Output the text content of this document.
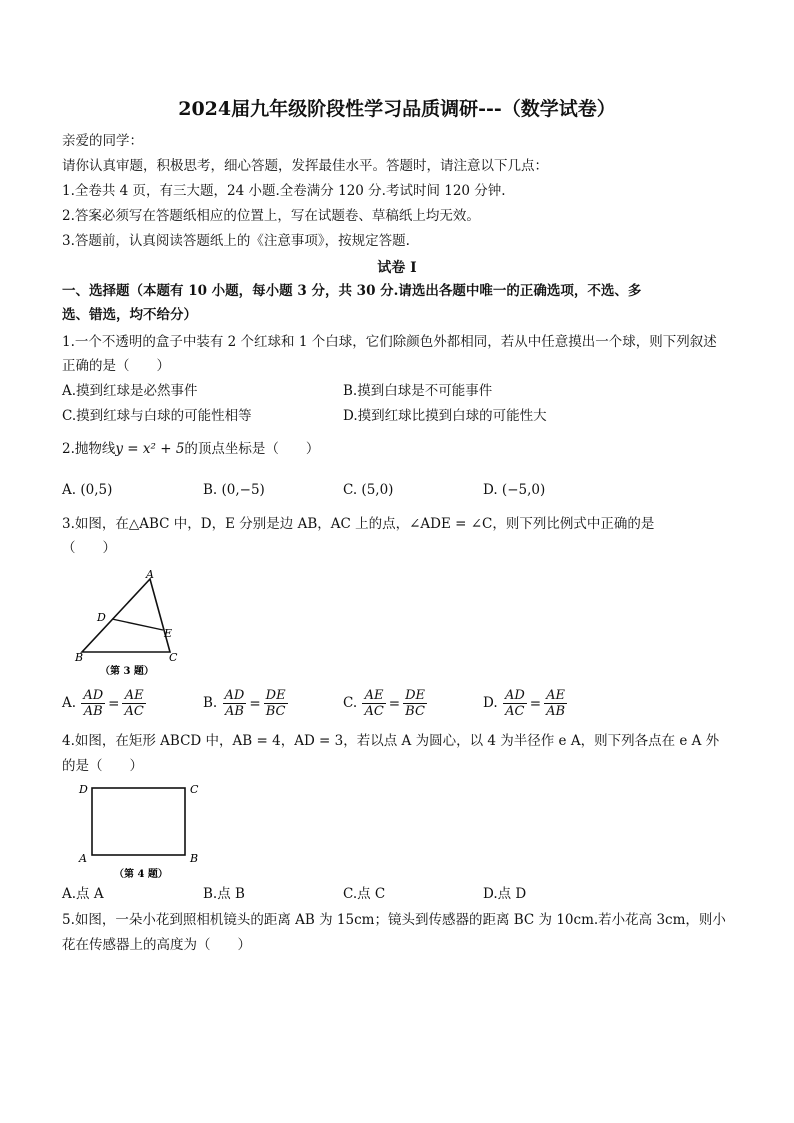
2024届九年级阶段性学习品质调研---（数学试卷）
亲爱的同学：
请你认真审题，积极思考，细心答题，发挥最佳水平。答题时，请注意以下几点：
1.全卷共 4 页，有三大题，24 小题.全卷满分 120 分.考试时间 120 分钟.
2.答案必须写在答题纸相应的位置上，写在试题卷、草稿纸上均无效。
3.答题前，认真阅读答题纸上的《注意事项》，按规定答题.
试卷 I
一、选择题（本题有 10 小题，每小题 3 分，共 30 分.请选出各题中唯一的正确选项，不选、多
选、错选，均不给分）
1.一个不透明的盒子中装有 2 个红球和 1 个白球，它们除颜色外都相同，若从中任意摸出一个球，则下列叙述
正确的是（　　）
A.摸到红球是必然事件	B.摸到白球是不可能事件
C.摸到红球与白球的可能性相等	D.摸到红球比摸到白球的可能性大
2.抛物线y = x² + 5的顶点坐标是（　　）
A. (0,5)	B. (0,−5)	C. (5,0)	D. (−5,0)
3.如图，在△ABC 中，D，E 分别是边 AB，AC 上的点，∠ADE = ∠C，则下列比例式中正确的是
（　　）
A
D
E
B	C
（第 3 题）
A. $\frac{AD}{AB} = \frac{AE}{AC}$	B. $\frac{AD}{AB} = \frac{DE}{BC}$	C. $\frac{AE}{AC} = \frac{DE}{BC}$	D. $\frac{AD}{AC} = \frac{AE}{AB}$
4.如图，在矩形 ABCD 中，AB = 4，AD = 3，若以点 A 为圆心，以 4 为半径作 e A，则下列各点在 e A 外
的是（　　）
D	C
A	B
（第 4 题）
A.点 A	B.点 B	C.点 C	D.点 D
5.如图，一朵小花到照相机镜头的距离 AB 为 15cm；镜头到传感器的距离 BC 为 10cm.若小花高 3cm，则小
花在传感器上的高度为（　　）
